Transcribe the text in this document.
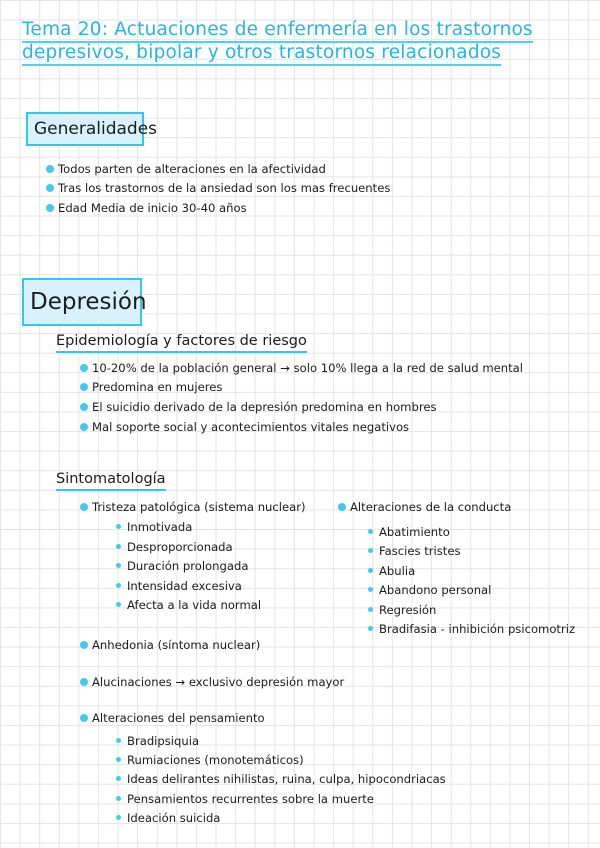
Tema 20: Actuaciones de enfermería en los trastornos
depresivos, bipolar y otros trastornos relacionados
Generalidades
Todos parten de alteraciones en la afectividad
Tras los trastornos de la ansiedad son los mas frecuentes
Edad Media de inicio 30-40 años
Depresión
Epidemiología y factores de riesgo
10-20% de la población general → solo 10% llega a la red de salud mental
Predomina en mujeres
El suicidio derivado de la depresión predomina en hombres
Mal soporte social y acontecimientos vitales negativos
Sintomatología
Tristeza patológica (sistema nuclear)
Inmotivada
Desproporcionada
Duración prolongada
Intensidad excesiva
Afecta a la vida normal
Anhedonia (síntoma nuclear)
Alucinaciones → exclusivo depresión mayor
Alteraciones del pensamiento
Bradipsiquia
Rumiaciones (monotemáticos)
Ideas delirantes nihilistas, ruina, culpa, hipocondriacas
Pensamientos recurrentes sobre la muerte
Ideación suicida
Alteraciones de la conducta
Abatimiento
Fascies tristes
Abulia
Abandono personal
Regresión
Bradifasia - inhibición psicomotriz
